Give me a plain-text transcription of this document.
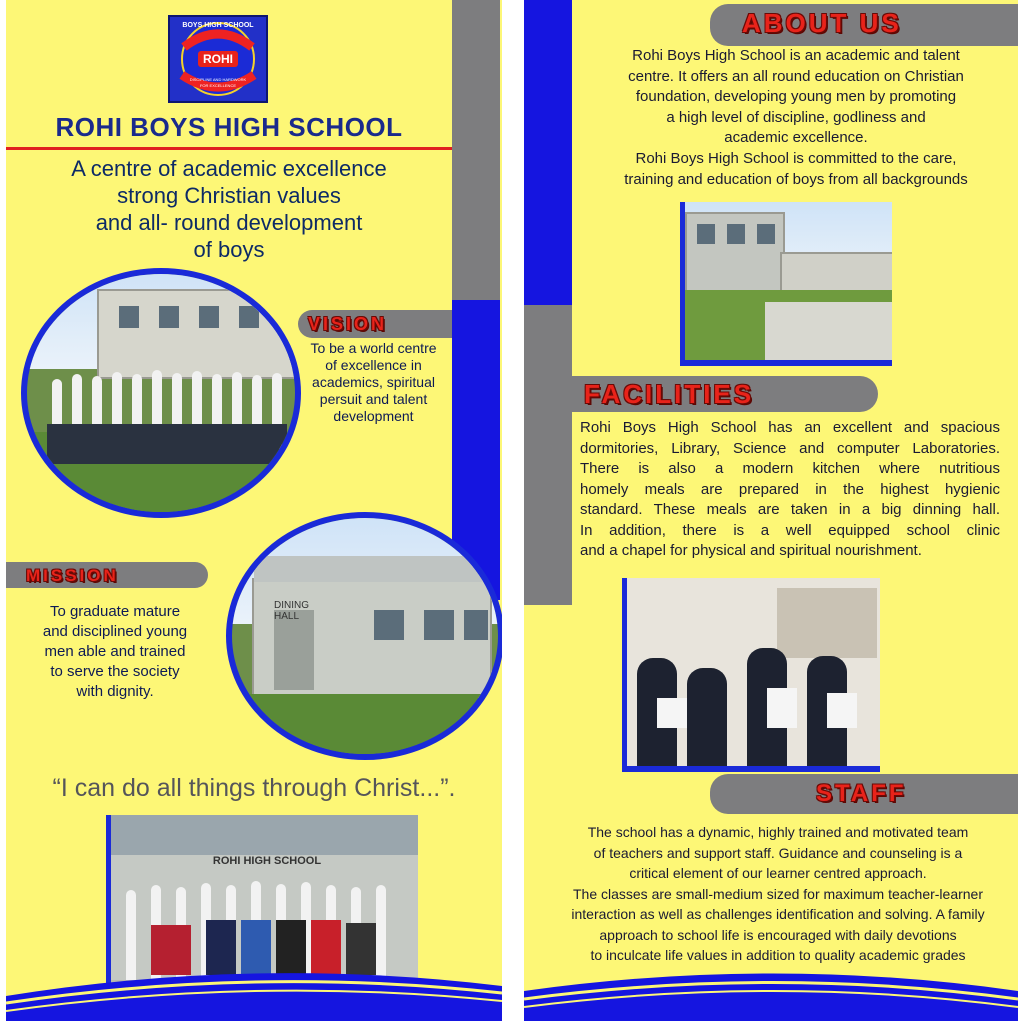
BOYS HIGH SCHOOL
ROHI
DISCIPLINE AND HARDWORK
FOR EXCELLENCE
ROHI BOYS HIGH SCHOOL
A centre of academic excellence
strong Christian values
and all- round development
of boys
VISION
To be a world centre
of excellence in
academics, spiritual
persuit and talent
development
MISSION
To graduate mature
and disciplined young
men able and trained
to serve the society
with dignity.
DINING
HALL
“I can do all things through Christ...”.
ROHI HIGH SCHOOL
ABOUT US
Rohi Boys High School is an academic and talent
centre. It offers an all round education on Christian
foundation, developing young men by promoting
a high level of discipline, godliness and
academic excellence.
Rohi Boys High School is committed to the care,
training and education of boys from all backgrounds
FACILITIES
Rohi Boys High School has an excellent and spacious
dormitories, Library, Science and computer Laboratories.
There is also a modern kitchen where nutritious
homely meals are prepared in the highest hygienic
standard. These meals are taken in a big dinning hall.
In addition, there is a well equipped school clinic
and a chapel for physical and spiritual nourishment.
STAFF
The school has a dynamic, highly trained and motivated team
of teachers and support staff. Guidance and counseling is a
critical element of our learner centred approach.
The classes are small-medium sized for maximum teacher-learner
interaction as well as challenges identification and solving. A family
approach to school life is encouraged with daily devotions
to inculcate life values in addition to quality academic grades
